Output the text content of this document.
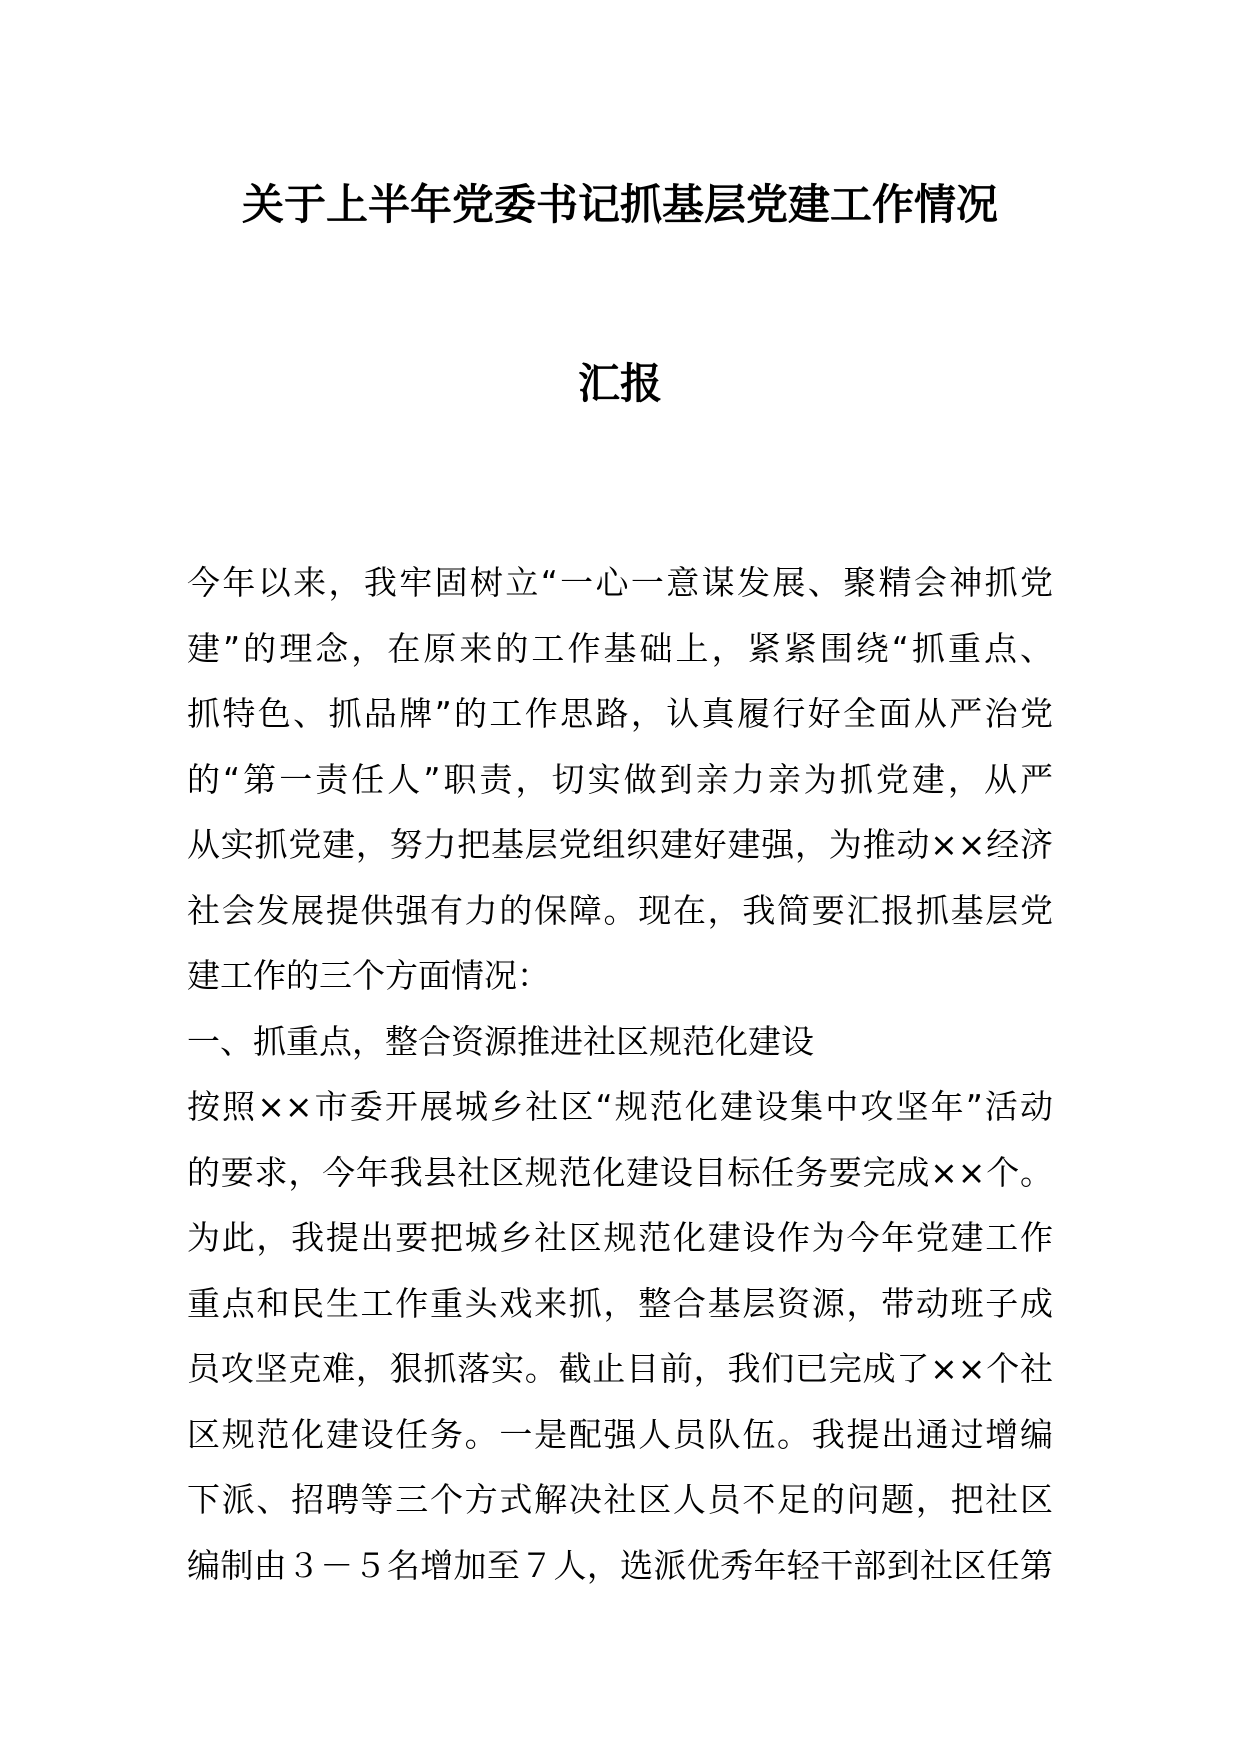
关于上半年党委书记抓基层党建工作情况
汇报
今年以来，我牢固树立“一心一意谋发展、聚精会神抓党
建”的理念，在原来的工作基础上，紧紧围绕“抓重点、
抓特色、抓品牌”的工作思路，认真履行好全面从严治党
的“第一责任人”职责，切实做到亲力亲为抓党建，从严
从实抓党建，努力把基层党组织建好建强，为推动××经济
社会发展提供强有力的保障。现在，我简要汇报抓基层党
建工作的三个方面情况：
一、抓重点，整合资源推进社区规范化建设
按照××市委开展城乡社区“规范化建设集中攻坚年”活动
的要求，今年我县社区规范化建设目标任务要完成××个。
为此，我提出要把城乡社区规范化建设作为今年党建工作
重点和民生工作重头戏来抓，整合基层资源，带动班子成
员攻坚克难，狠抓落实。截止目前，我们已完成了××个社
区规范化建设任务。一是配强人员队伍。我提出通过增编
下派、招聘等三个方式解决社区人员不足的问题，把社区
编制由３－５名增加至７人，选派优秀年轻干部到社区任第
